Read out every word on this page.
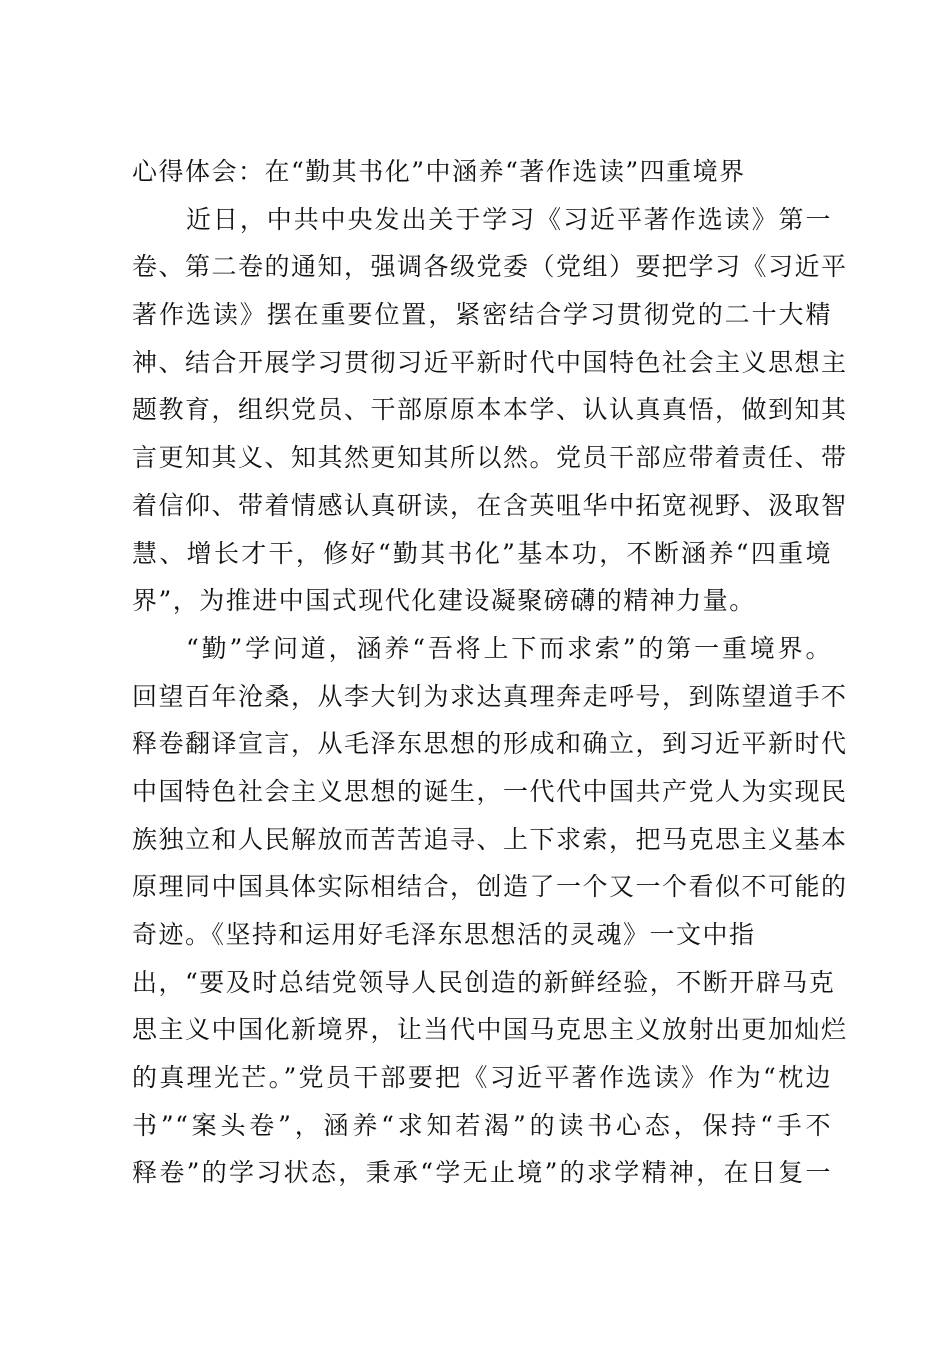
心得体会：在“勤其书化”中涵养“著作选读”四重境界
近日，中共中央发出关于学习《习近平著作选读》第一
卷、第二卷的通知，强调各级党委（党组）要把学习《习近平
著作选读》摆在重要位置，紧密结合学习贯彻党的二十大精
神、结合开展学习贯彻习近平新时代中国特色社会主义思想主
题教育，组织党员、干部原原本本学、认认真真悟，做到知其
言更知其义、知其然更知其所以然。党员干部应带着责任、带
着信仰、带着情感认真研读，在含英咀华中拓宽视野、汲取智
慧、增长才干，修好“勤其书化”基本功，不断涵养“四重境
界”，为推进中国式现代化建设凝聚磅礴的精神力量。
“勤”学问道，涵养“吾将上下而求索”的第一重境界。
回望百年沧桑，从李大钊为求达真理奔走呼号，到陈望道手不
释卷翻译宣言，从毛泽东思想的形成和确立，到习近平新时代
中国特色社会主义思想的诞生，一代代中国共产党人为实现民
族独立和人民解放而苦苦追寻、上下求索，把马克思主义基本
原理同中国具体实际相结合，创造了一个又一个看似不可能的
奇迹。《坚持和运用好毛泽东思想活的灵魂》一文中指
出，“要及时总结党领导人民创造的新鲜经验，不断开辟马克
思主义中国化新境界，让当代中国马克思主义放射出更加灿烂
的真理光芒。”党员干部要把《习近平著作选读》作为“枕边
书”“案头卷”，涵养“求知若渴”的读书心态，保持“手不
释卷”的学习状态，秉承“学无止境”的求学精神，在日复一
